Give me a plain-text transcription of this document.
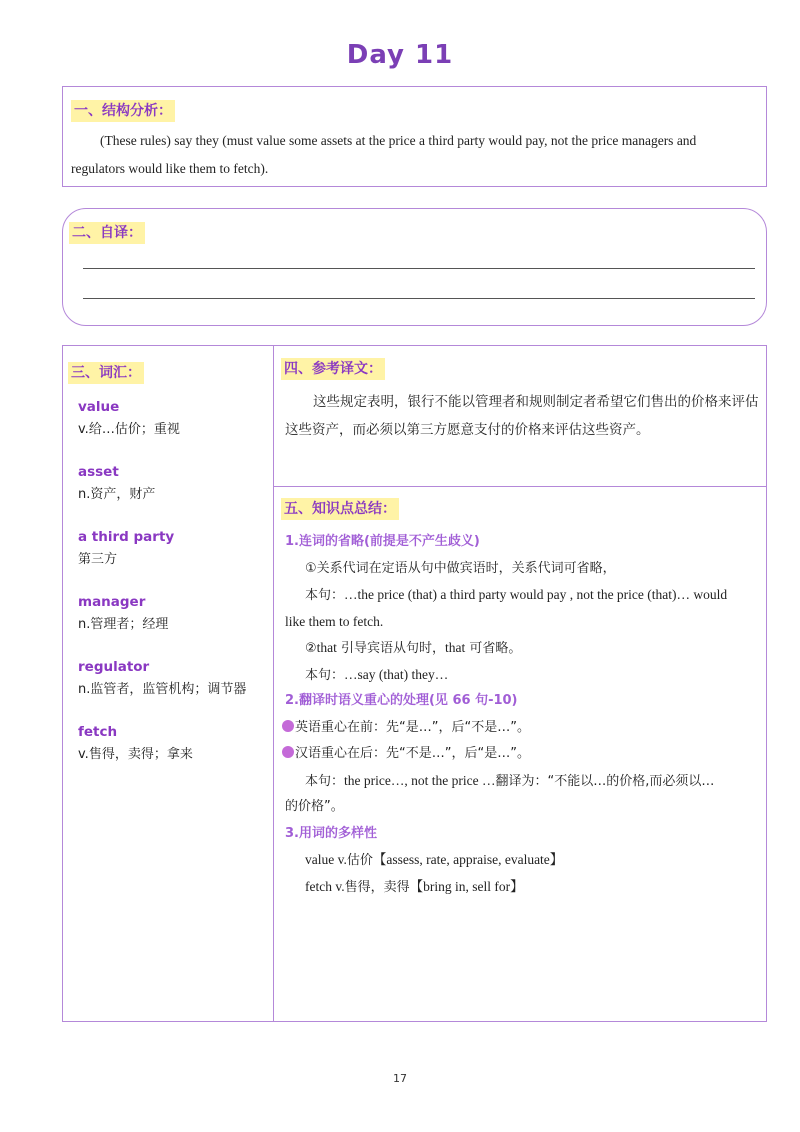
Day 11
一、结构分析：

(These rules) say they (must value some assets at the price a third party would pay, not the price managers and regulators would like them to fetch).

二、自译：
三、词汇：
value
v.给…估价；重视
asset
n.资产，财产
a third party
第三方
manager
n.管理者；经理
regulator
n.监管者，监管机构；调节器
fetch
v.售得，卖得；拿来
四、参考译文：

这些规定表明，银行不能以管理者和规则制定者希望它们售出的价格来评估这些资产，而必须以第三方愿意支付的价格来评估这些资产。

五、知识点总结：
1.连词的省略(前提是不产生歧义)
①关系代词在定语从句中做宾语时，关系代词可省略，
本句：…the price (that) a third party would pay , not the price (that)… would
like them to fetch.
②that 引导宾语从句时，that 可省略。
本句：…say (that) they…
2.翻译时语义重心的处理(见 66 句-10)
英语重心在前：先“是…”，后“不是…”。
汉语重心在后：先“不是…”，后“是…”。
本句：the price…, not the price …翻译为：“不能以…的价格,而必须以…
的价格”。
3.用词的多样性
value v.估价【assess, rate, appraise, evaluate】
fetch v.售得，卖得【bring in, sell for】
17
